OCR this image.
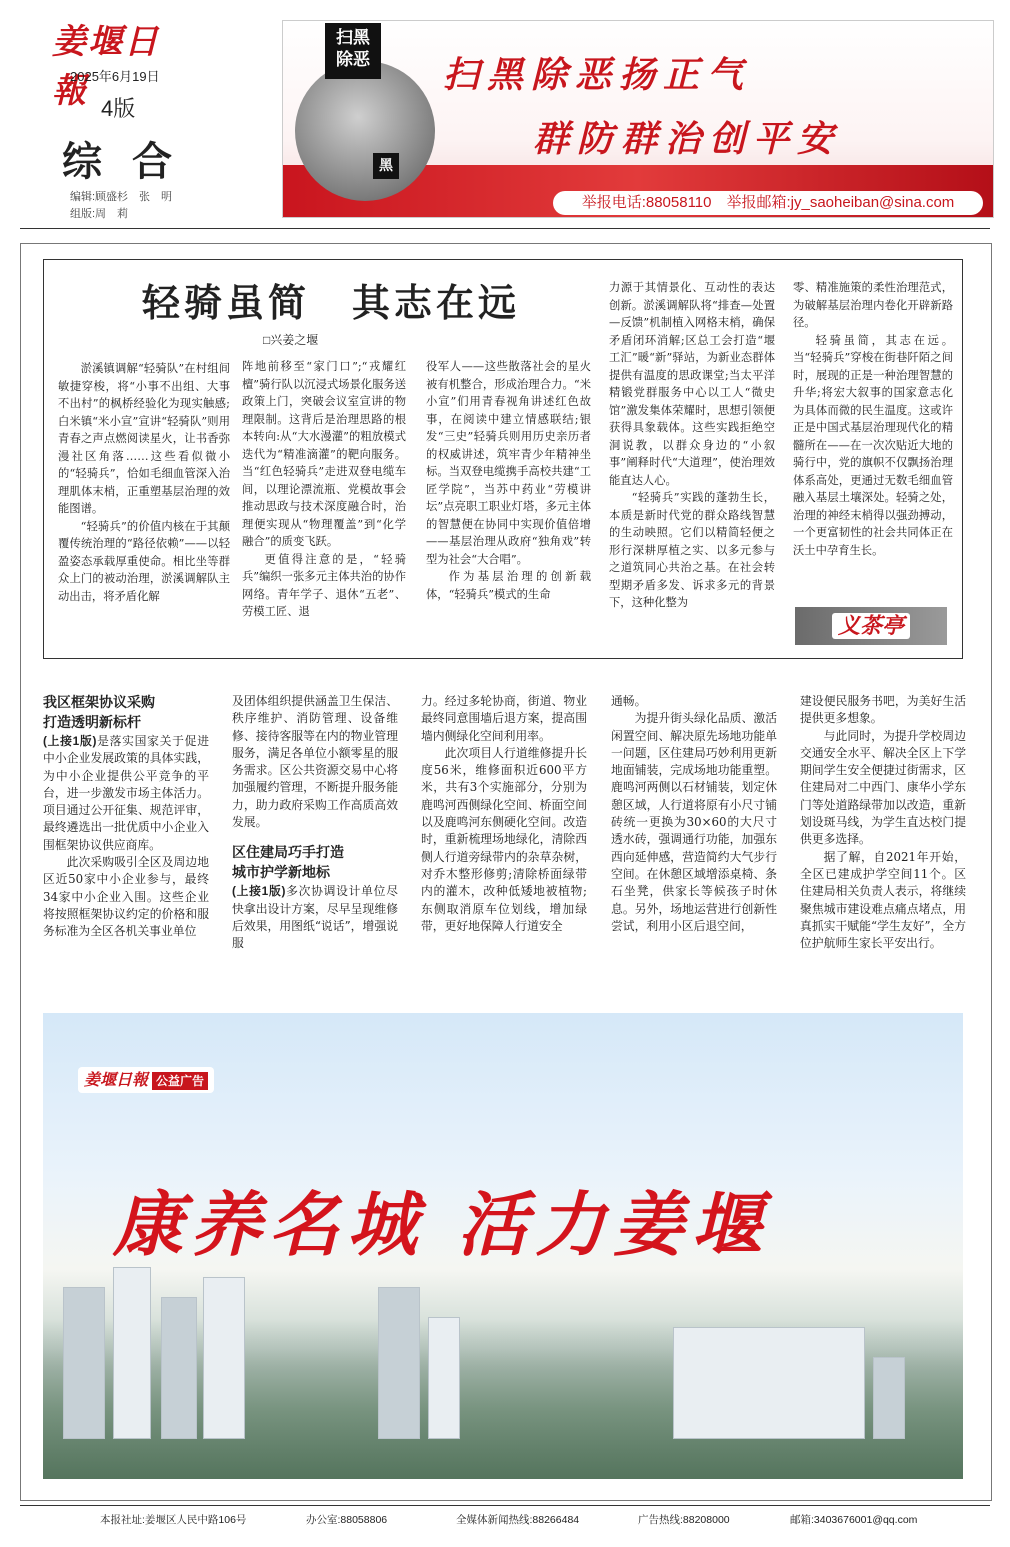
姜堰日報
2025年6月19日
4版
综合
编辑:顾盛杉　张　明
组版:周　莉
黑
扫黑
除恶	扫黑除恶扬正气
群防群治创平安
举报电话:88058110　举报邮箱:jy_saoheiban@sina.com
轻骑虽简　其志在远
□兴姜之堰

淤溪镇调解“轻骑队”在村组间敏捷穿梭，将“小事不出组、大事不出村”的枫桥经验化为现实触感;白米镇“米小宣”宣讲“轻骑队”则用青春之声点燃阅读星火，让书香弥漫社区角落……这些看似微小的“轻骑兵”，恰如毛细血管深入治理肌体末梢，正重塑基层治理的效能图谱。

“轻骑兵”的价值内核在于其颠覆传统治理的“路径依赖”——以轻盈姿态承载厚重使命。相比坐等群众上门的被动治理，淤溪调解队主动出击，将矛盾化解

阵地前移至“家门口”;“戎耀红檀”骑行队以沉浸式场景化服务送政策上门，突破会议室宣讲的物理限制。这背后是治理思路的根本转向:从“大水漫灌”的粗放模式迭代为“精准滴灌”的靶向服务。当“红色轻骑兵”走进双登电缆车间，以理论漂流瓶、党模故事会推动思政与技术深度融合时，治理便实现从“物理覆盖”到“化学融合”的质变飞跃。

更值得注意的是，“轻骑兵”编织一张多元主体共治的协作网络。青年学子、退休“五老”、劳模工匠、退

役军人——这些散落社会的星火被有机整合，形成治理合力。“米小宣”们用青春视角讲述红色故事，在阅读中建立情感联结;银发“三史”轻骑兵则用历史亲历者的权威讲述，筑牢青少年精神坐标。当双登电缆携手高校共建“工匠学院”，当苏中药业“劳模讲坛”点亮职工职业灯塔，多元主体的智慧便在协同中实现价值倍增——基层治理从政府“独角戏”转型为社会“大合唱”。

作为基层治理的创新载体，“轻骑兵”模式的生命

力源于其情景化、互动性的表达创新。淤溪调解队将“排查—处置—反馈”机制植入网格末梢，确保矛盾闭环消解;区总工会打造“堰工汇”暖“新”驿站，为新业态群体提供有温度的思政课堂;当太平洋精锻党群服务中心以工人“微史馆”激发集体荣耀时，思想引领便获得具象载体。这些实践拒绝空洞说教，以群众身边的“小叙事”阐释时代“大道理”，使治理效能直达人心。

“轻骑兵”实践的蓬勃生长，本质是新时代党的群众路线智慧的生动映照。它们以精简轻便之形行深耕厚植之实、以多元参与之道筑同心共治之基。在社会转型期矛盾多发、诉求多元的背景下，这种化整为

零、精准施策的柔性治理范式，为破解基层治理内卷化开辟新路径。

轻骑虽简，其志在远。当“轻骑兵”穿梭在街巷阡陌之间时，展现的正是一种治理智慧的升华;将宏大叙事的国家意志化为具体而微的民生温度。这或许正是中国式基层治理现代化的精髓所在——在一次次贴近大地的骑行中，党的旗帜不仅飘扬治理体系高处，更通过无数毛细血管融入基层土壤深处。轻骑之处，治理的神经末梢得以强劲搏动，一个更富韧性的社会共同体正在沃土中孕育生长。

义茶亭
我区框架协议采购
打造透明新标杆

(上接1版)是落实国家关于促进中小企业发展政策的具体实践，为中小企业提供公平竞争的平台，进一步激发市场主体活力。项目通过公开征集、规范评审，最终遴选出一批优质中小企业入围框架协议供应商库。

此次采购吸引全区及周边地区近50家中小企业参与，最终34家中小企业入围。这些企业将按照框架协议约定的价格和服务标准为全区各机关事业单位

及团体组织提供涵盖卫生保洁、秩序维护、消防管理、设备维修、接待客服等在内的物业管理服务，满足各单位小额零星的服务需求。区公共资源交易中心将加强履约管理，不断提升服务能力，助力政府采购工作高质高效发展。

区住建局巧手打造
城市护学新地标

(上接1版)多次协调设计单位尽快拿出设计方案，尽早呈现维修后效果，用图纸“说话”，增强说服

力。经过多轮协商，街道、物业最终同意围墙后退方案，提高围墙内侧绿化空间利用率。

此次项目人行道维修提升长度56米，维修面积近600平方米，共有3个实施部分，分别为鹿鸣河西侧绿化空间、桥面空间以及鹿鸣河东侧硬化空间。改造时，重新梳理场地绿化，清除西侧人行道旁绿带内的杂草杂树，对乔木整形修剪;清除桥面绿带内的灌木，改种低矮地被植物;东侧取消原车位划线，增加绿带，更好地保障人行道安全

通畅。

为提升街头绿化品质、激活闲置空间、解决原先场地功能单一问题，区住建局巧妙利用更新地面铺装，完成场地功能重塑。鹿鸣河两侧以石材铺装，划定休憩区域，人行道将原有小尺寸铺砖统一更换为30×60的大尺寸透水砖，强调通行功能，加强东西向延伸感，营造简约大气步行空间。在休憩区域增添桌椅、条石坐凳，供家长等候孩子时休息。另外，场地运营进行创新性尝试，利用小区后退空间，

建设便民服务书吧，为美好生活提供更多想象。

与此同时，为提升学校周边交通安全水平、解决全区上下学期间学生安全便捷过街需求，区住建局对二中西门、康华小学东门等处道路绿带加以改造，重新划设斑马线，为学生直达校门提供更多选择。

据了解，自2021年开始，全区已建成护学空间11个。区住建局相关负责人表示，将继续聚焦城市建设难点痛点堵点，用真抓实干赋能“学生友好”，全方位护航师生家长平安出行。

姜堰日報 公益广告
康养名城 活力姜堰
本报社址:姜堰区人民中路106号	办公室:88058806	全媒体新闻热线:88266484	广告热线:88208000	邮箱:3403676001@qq.com
